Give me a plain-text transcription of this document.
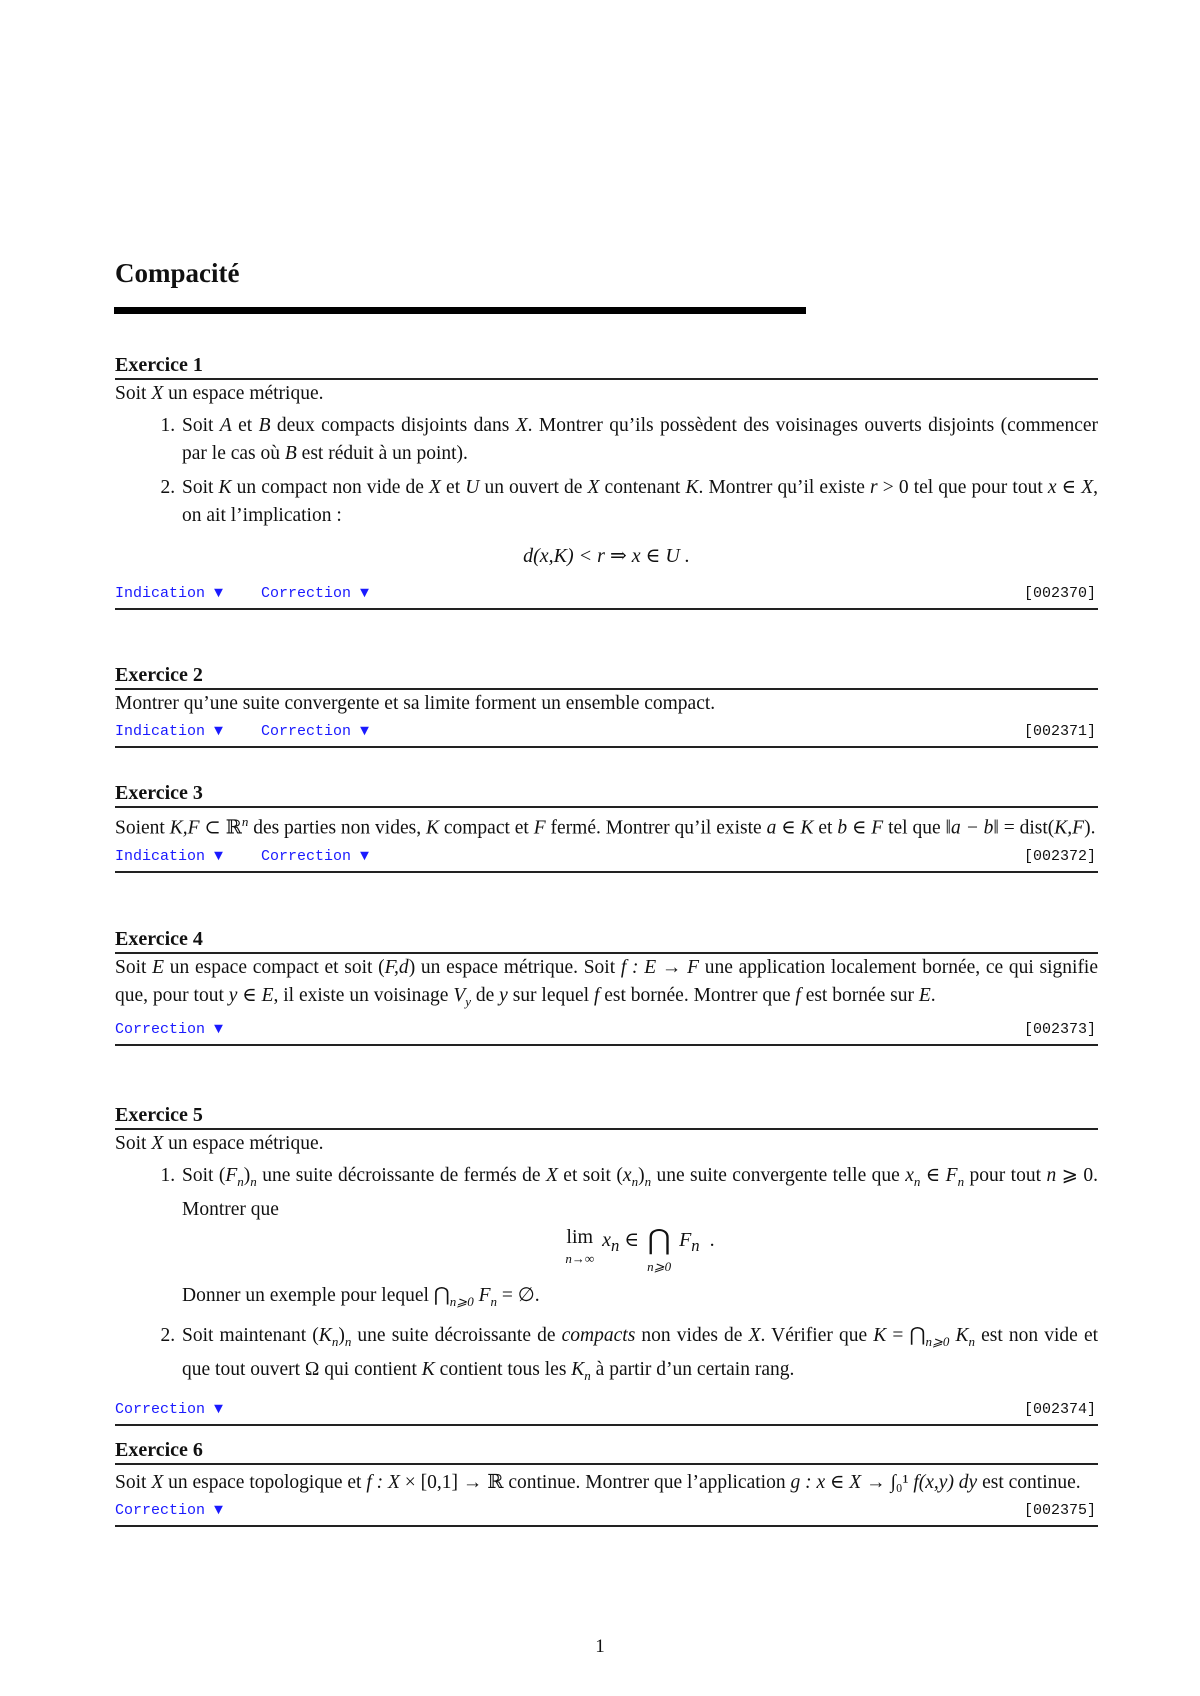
Compacité
Exercice 1
Soit X un espace métrique.
1. Soit A et B deux compacts disjoints dans X. Montrer qu’ils possèdent des voisinages ouverts disjoints (commencer par le cas où B est réduit à un point).
2. Soit K un compact non vide de X et U un ouvert de X contenant K. Montrer qu’il existe r > 0 tel que pour tout x ∈ X, on ait l’implication :
d(x,K) < r ⇒ x ∈ U .
Indication ▼	Correction ▼	[002370]
Exercice 2
Montrer qu’une suite convergente et sa limite forment un ensemble compact.
Indication ▼	Correction ▼	[002371]
Exercice 3
Soient K,F ⊂ ℝ$^n$ des parties non vides, K compact et F fermé. Montrer qu’il existe a ∈ K et b ∈ F tel que ‖a − b‖ = dist(K,F).
Indication ▼	Correction ▼	[002372]
Exercice 4
Soit E un espace compact et soit (F,d) un espace métrique. Soit f : E → F une application localement bornée, ce qui signifie que, pour tout y ∈ E, il existe un voisinage $V_y$ de y sur lequel f est bornée. Montrer que f est bornée sur E.
Correction ▼	[002373]
Exercice 5
Soit X un espace métrique.
1. Soit $(F_n)_n$ une suite décroissante de fermés de X et soit $(x_n)_n$ une suite convergente telle que $x_n$ ∈ $F_n$ pour tout n ⩾ 0. Montrer que
lim
n→∞
$x_n$ ∈ ⋂
n⩾0
$F_n$ .
Donner un exemple pour lequel $⋂_{n⩾0}$ $F_n$ = ∅.
2. Soit maintenant $(K_n)_n$ une suite décroissante de compacts non vides de X. Vérifier que $K = ⋂_{n⩾0}$ $K_n$ est non vide et que tout ouvert Ω qui contient K contient tous les $K_n$ à partir d’un certain rang.
Correction ▼	[002374]
Exercice 6
Soit X un espace topologique et f : X × [0,1] → ℝ continue. Montrer que l’application g : x ∈ X → ∫₀¹ f(x,y) dy est continue.
Correction ▼	[002375]
1
